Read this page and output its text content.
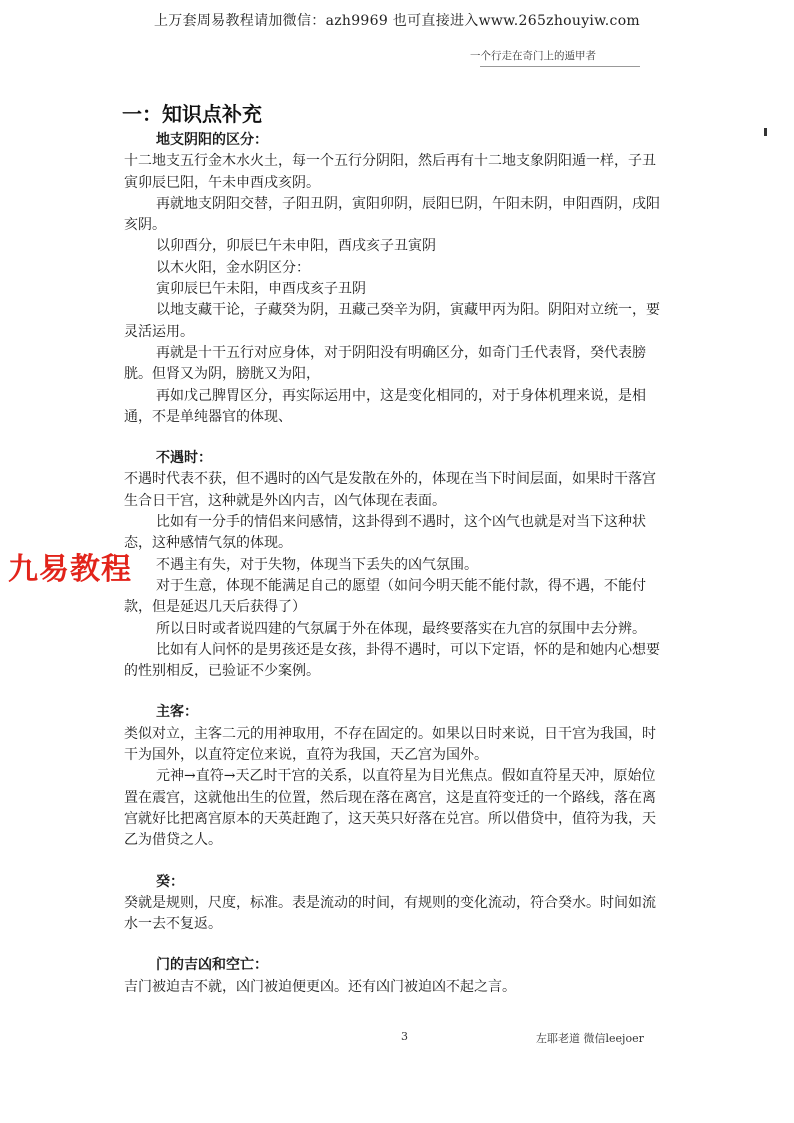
上万套周易教程请加微信：azh9969 也可直接进入www.265zhouyiw.com
一个行走在奇门上的遁甲者
一：知识点补充

地支阴阳的区分：

十二地支五行金木水火土，每一个五行分阴阳，然后再有十二地支象阴阳遁一样，子丑寅卯辰巳阳，午未申酉戌亥阴。

再就地支阴阳交替，子阳丑阴，寅阳卯阴，辰阳巳阴，午阳未阴，申阳酉阴，戌阳亥阴。

以卯酉分，卯辰巳午未申阳，酉戌亥子丑寅阴

以木火阳，金水阴区分：

寅卯辰巳午未阳，申酉戌亥子丑阴

以地支藏干论，子藏癸为阴，丑藏己癸辛为阴，寅藏甲丙为阳。阴阳对立统一，要灵活运用。

再就是十干五行对应身体，对于阴阳没有明确区分，如奇门壬代表肾，癸代表膀胱。但肾又为阴，膀胱又为阳，

再如戊己脾胃区分，再实际运用中，这是变化相同的，对于身体机理来说，是相通，不是单纯器官的体现、

不遇时：

不遇时代表不获，但不遇时的凶气是发散在外的，体现在当下时间层面，如果时干落宫生合日干宫，这种就是外凶内吉，凶气体现在表面。

比如有一分手的情侣来问感情，这卦得到不遇时，这个凶气也就是对当下这种状态，这种感情气氛的体现。

不遇主有失，对于失物，体现当下丢失的凶气氛围。

对于生意，体现不能满足自己的愿望（如问今明天能不能付款，得不遇，不能付款，但是延迟几天后获得了）

所以日时或者说四建的气氛属于外在体现，最终要落实在九宫的氛围中去分辨。

比如有人问怀的是男孩还是女孩，卦得不遇时，可以下定语，怀的是和她内心想要的性别相反，已验证不少案例。

主客：

类似对立，主客二元的用神取用，不存在固定的。如果以日时来说，日干宫为我国，时干为国外，以直符定位来说，直符为我国，天乙宫为国外。

元神→直符→天乙时干宫的关系，以直符星为目光焦点。假如直符星天冲，原始位置在震宫，这就他出生的位置，然后现在落在离宫，这是直符变迁的一个路线，落在离宫就好比把离宫原本的天英赶跑了，这天英只好落在兑宫。所以借贷中，值符为我，天乙为借贷之人。

癸：

癸就是规则，尺度，标准。表是流动的时间，有规则的变化流动，符合癸水。时间如流水一去不复返。

门的吉凶和空亡：

吉门被迫吉不就，凶门被迫便更凶。还有凶门被迫凶不起之言。

九易教程
3	左耶老道 微信leejoer
